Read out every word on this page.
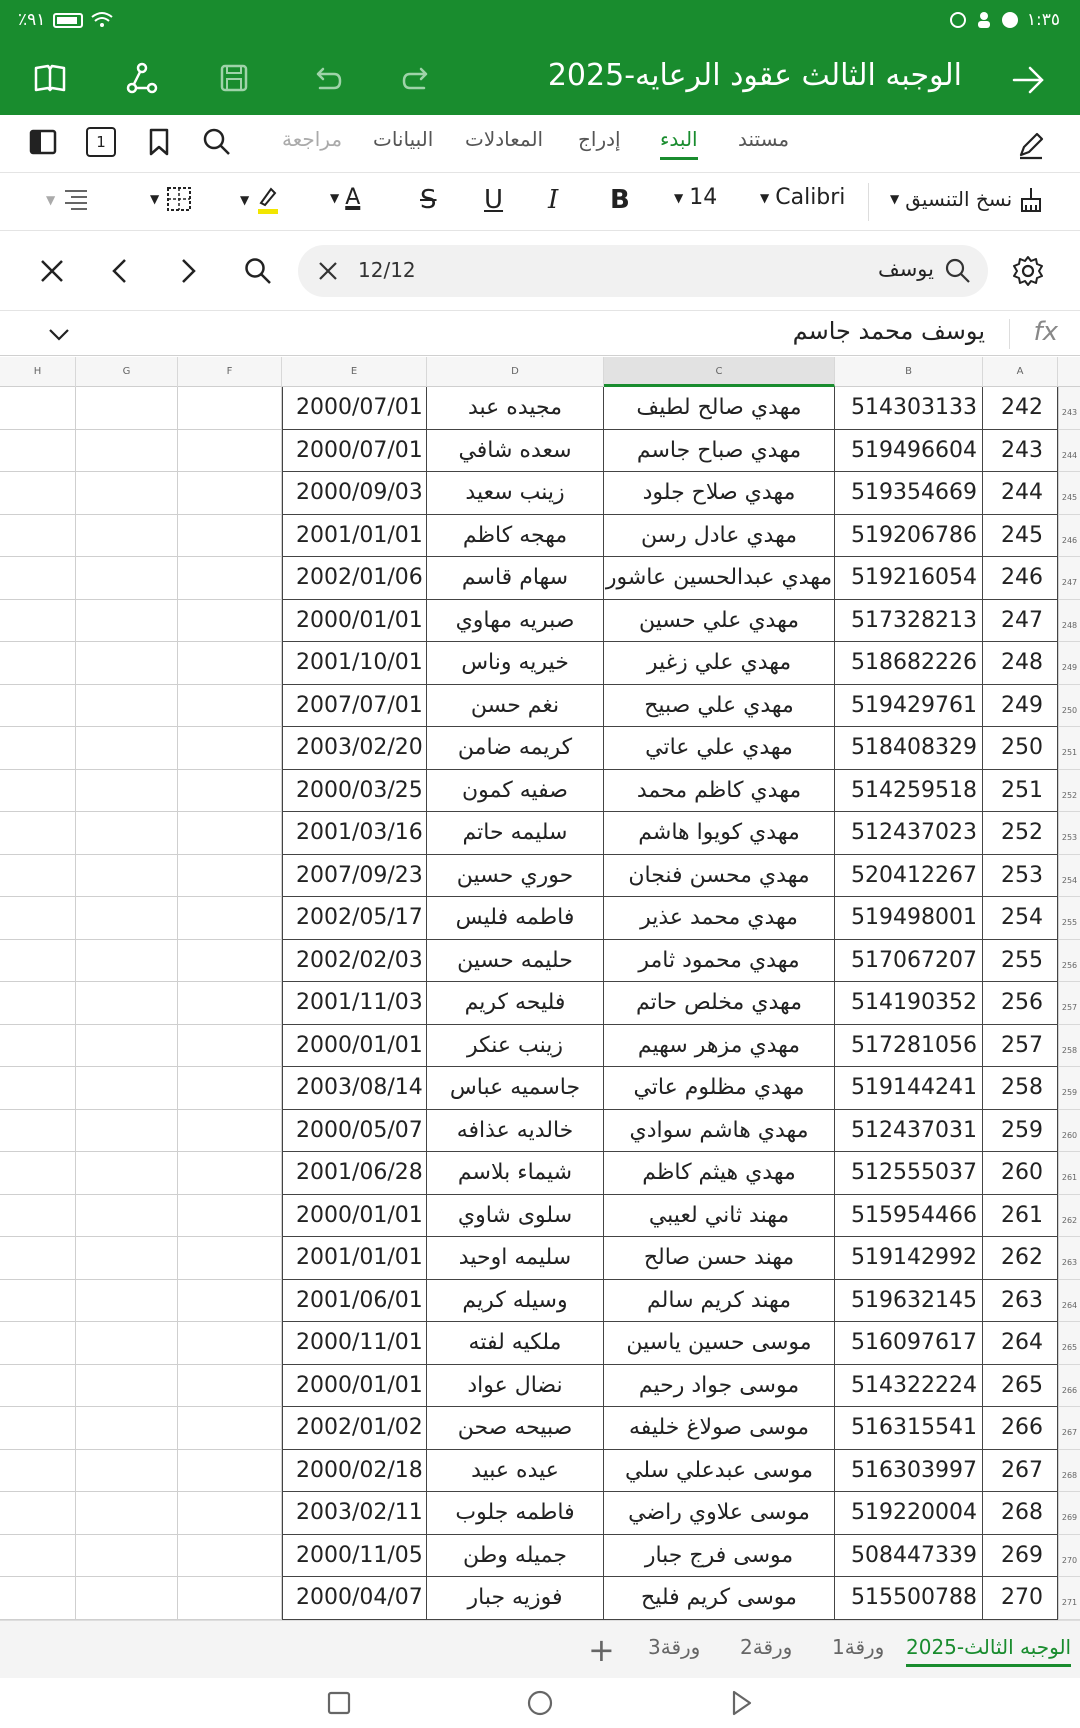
٪٩١	١:٣٥
الوجبه الثالث عقود الرعايه-2025
1	مراجعة البيانات المعادلات إدراج البدء مستند
▼	▼	▼	▼ A S U I B	▼ 14	▼ Calibri	▼ نسخ التنسيق
12/12	يوسف
يوسف محمد جاسم fx
H	G	F	E	D	C	B	A
2000/07/01	مجيده عبد	مهدي صالح لطيف	514303133	242	243
2000/07/01	سعده شافي	مهدي صباح جاسم	519496604	243	244
2000/09/03	زينب سعيد	مهدي صلاح جلود	519354669	244	245
2001/01/01	مهجه كاظم	مهدي عادل رسن	519206786	245	246
2002/01/06	سهام قاسم	مهدي عبدالحسين عاشور 519216054	246	247
2000/01/01	صبريه مهاوي	مهدي علي حسين	517328213	247	248
2001/10/01	خيريه وناس	مهدي علي زغير	518682226	248	249
2007/07/01	نغم حسن	مهدي علي صبيح	519429761	249	250
2003/02/20	كريمه ضامن	مهدي علي عاتي	518408329	250	251
2000/03/25	صفيه كمون	مهدي كاظم محمد	514259518	251	252
2001/03/16	سليمه حاتم	مهدي كويوا هاشم	512437023	252	253
2007/09/23	حوري حسين	مهدي محسن فنجان	520412267	253	254
2002/05/17	فاطمه فليس	مهدي محمد عذير	519498001	254	255
2002/02/03	حليمه حسين	مهدي محمود ثامر	517067207	255	256
2001/11/03	فليحه كريم	مهدي مخلص حاتم	514190352	256	257
2000/01/01	زينب عنكر	مهدي مزهر سهيم	517281056	257	258
2003/08/14	جاسميه عباس	مهدي مظلوم عاتي	519144241	258	259
2000/05/07	خالديه عذافه	مهدي هاشم سوادي	512437031	259	260
2001/06/28	شيماء بلاسم	مهدي هيثم كاظم	512555037	260	261
2000/01/01	سلوى شاوي	مهند ثاني لعيبي	515954466	261	262
2001/01/01	سليمه اوحيد	مهند حسن صالح	519142992	262	263
2001/06/01	وسيله كريم	مهند كريم سالم	519632145	263	264
2000/11/01	ملكيه لفته	موسى حسين ياسين	516097617	264	265
2000/01/01	نضال عواد	موسى جواد رحيم	514322224	265	266
2002/01/02	صبيحه صحن	موسى صولاغ خليفه	516315541	266	267
2000/02/18	عيده عبيد	موسى عبدعلي سلي	516303997	267	268
2003/02/11	فاطمه جلوب	موسى علاوي راضي	519220004	268	269
2000/11/05	جميله وطن	موسى فرج جبار	508447339	269	270
2000/04/07	فوزيه جبار	موسى كريم فليح	515500788	270	271
+ ورقة3 ورقة2 ورقة1 الوجبه الثالث-2025
